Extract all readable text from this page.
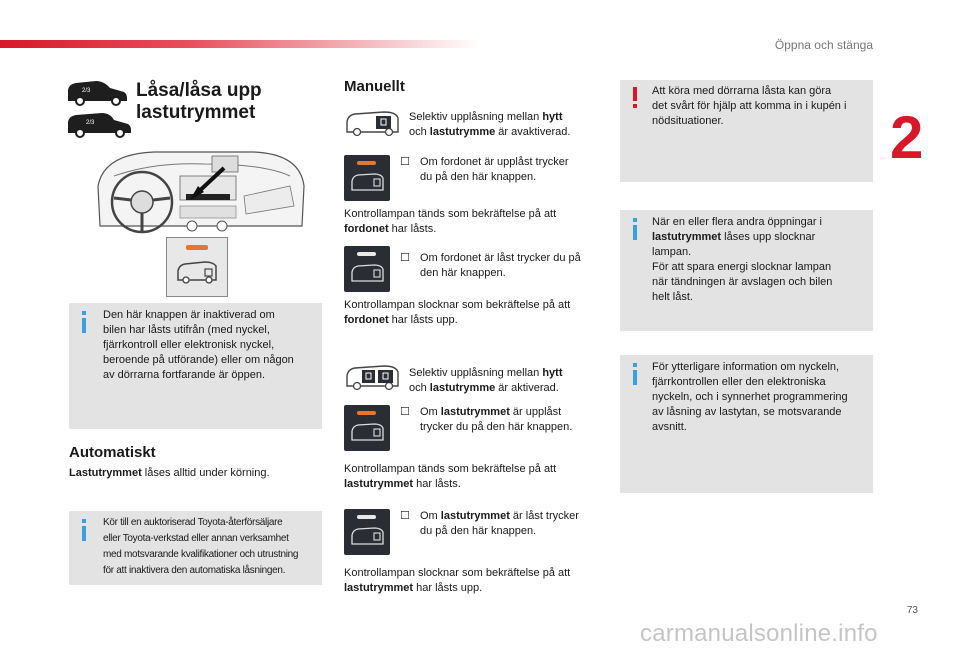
Öppna och stänga
2
2/3
2/3
Låsa/låsa upp
lastutrymmet
Den här knappen är inaktiverad om
bilen har låsts utifrån (med nyckel,
fjärrkontroll eller elektronisk nyckel,
beroende på utförande) eller om någon
av dörrarna fortfarande är öppen.
Automatiskt
Lastutrymmet låses alltid under körning.
Kör till en auktoriserad Toyota-återförsäljare
eller Toyota-verkstad eller annan verksamhet
med motsvarande kvalifikationer och utrustning
för att inaktivera den automatiska låsningen.
Manuellt
Selektiv upplåsning mellan hytt
och lastutrymme är avaktiverad.
☐ Om fordonet är upplåst trycker
du på den här knappen.
Kontrollampan tänds som bekräftelse på att
fordonet har låsts.
☐ Om fordonet är låst trycker du på
den här knappen.
Kontrollampan slocknar som bekräftelse på att
fordonet har låsts upp.
Selektiv upplåsning mellan hytt
och lastutrymme är aktiverad.
☐ Om lastutrymmet är upplåst
trycker du på den här knappen.
Kontrollampan tänds som bekräftelse på att
lastutrymmet har låsts.
☐ Om lastutrymmet är låst trycker
du på den här knappen.
Kontrollampan slocknar som bekräftelse på att
lastutrymmet har låsts upp.
Att köra med dörrarna låsta kan göra
det svårt för hjälp att komma in i kupén i
nödsituationer.
När en eller flera andra öppningar i
lastutrymmet låses upp slocknar
lampan.
För att spara energi slocknar lampan
när tändningen är avslagen och bilen
helt låst.
För ytterligare information om nyckeln,
fjärrkontrollen eller den elektroniska
nyckeln, och i synnerhet programmering
av låsning av lastytan, se motsvarande
avsnitt.
73
carmanualsonline.info
